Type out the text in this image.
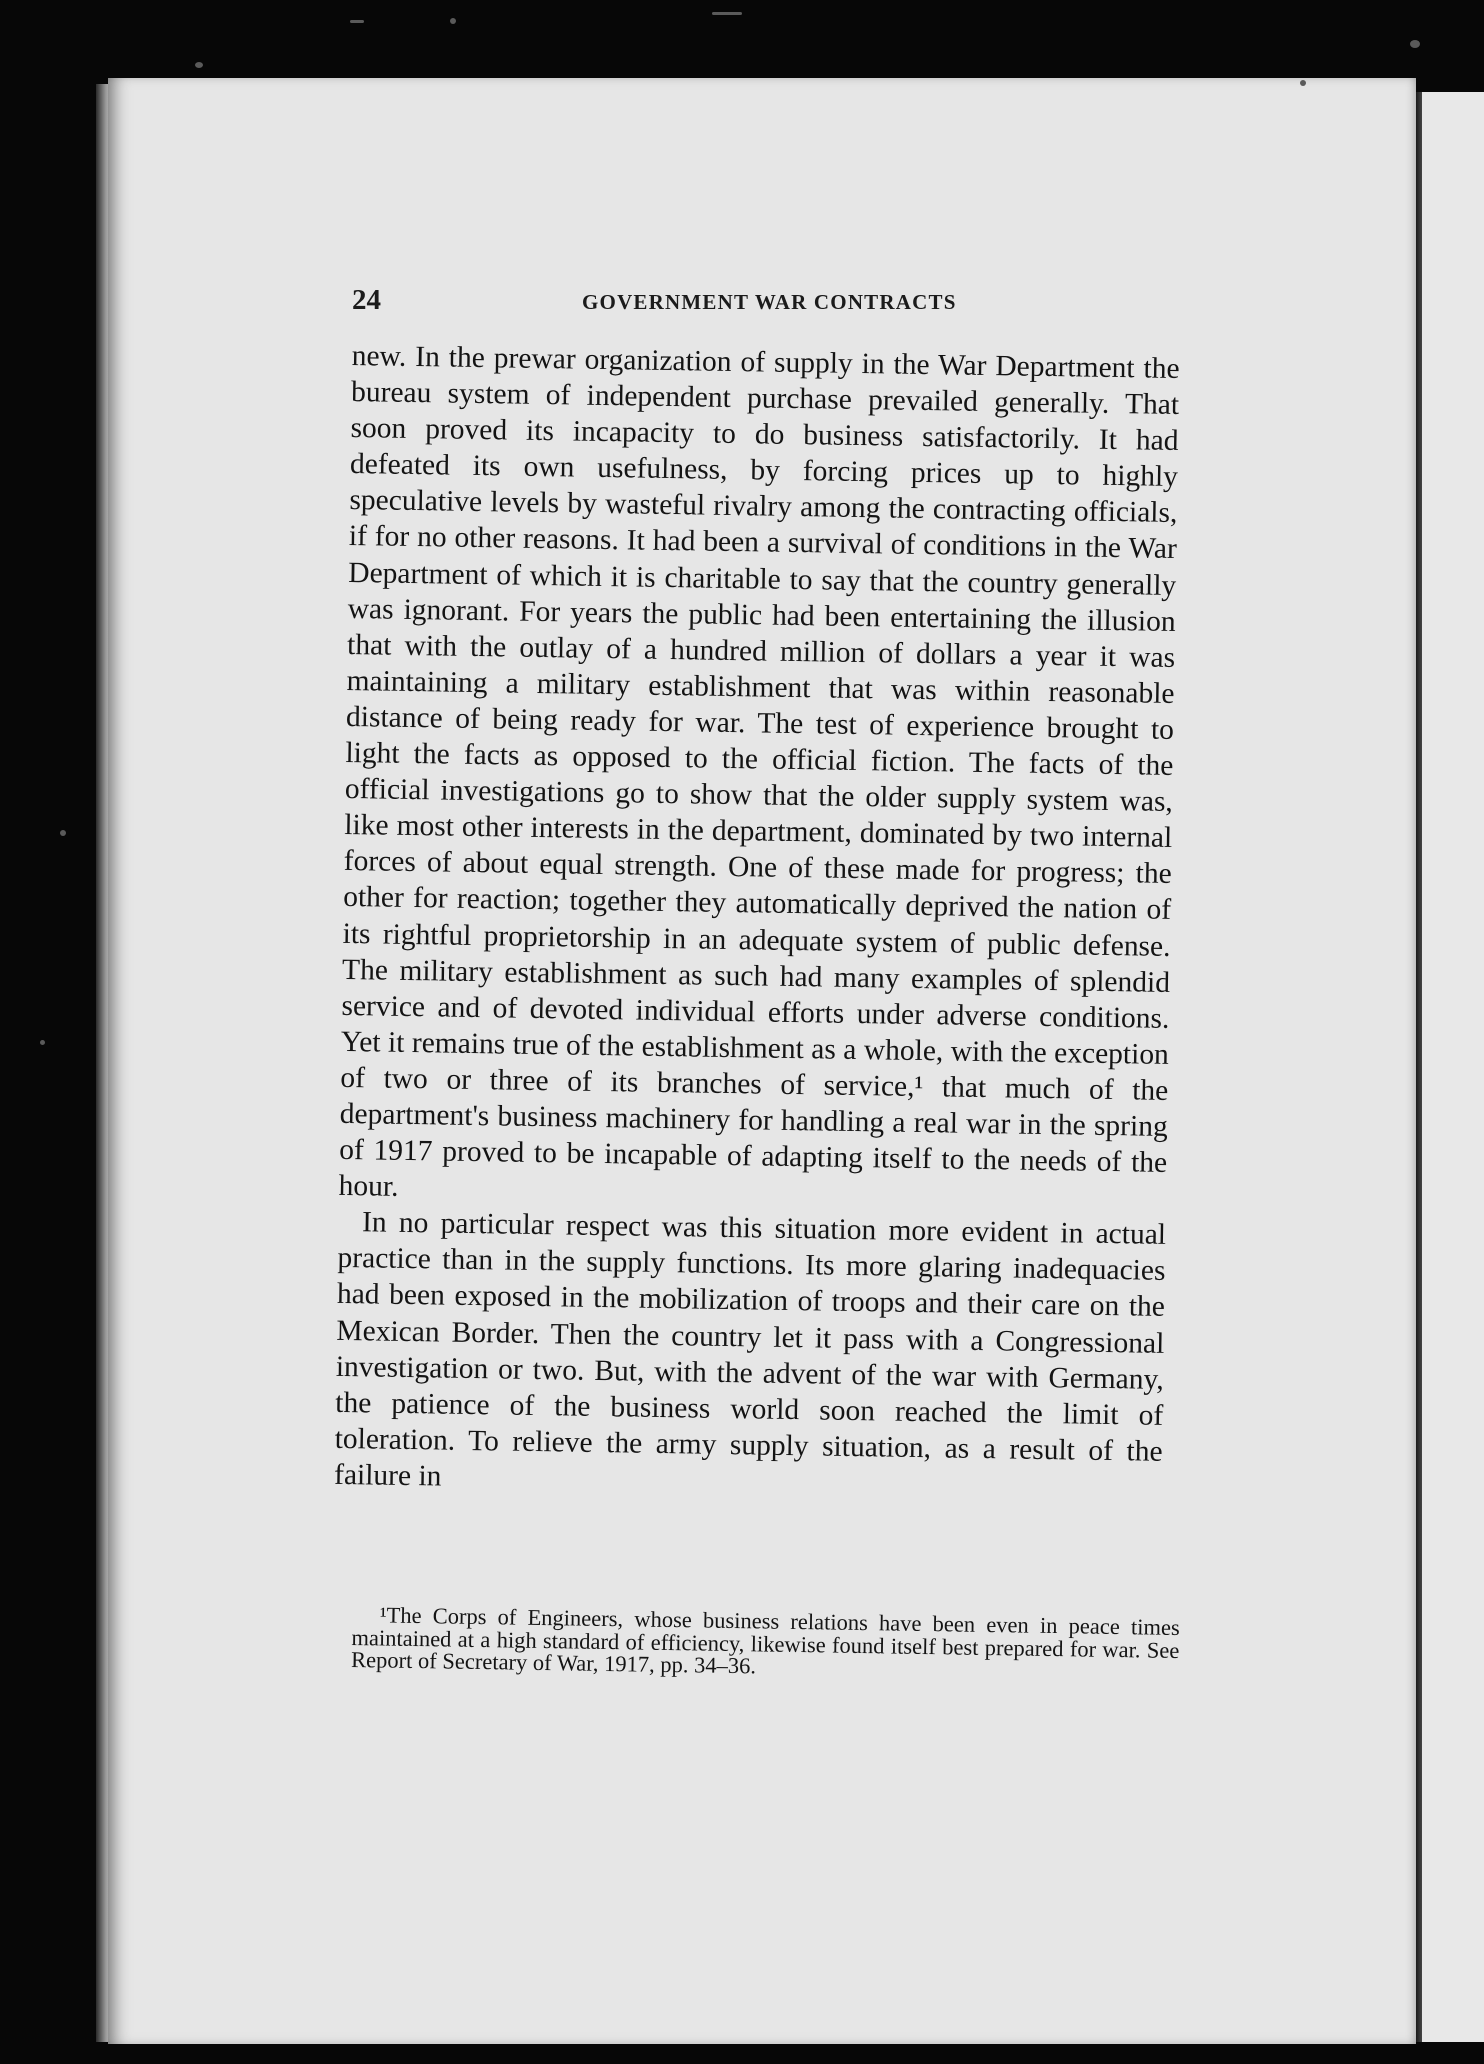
24	GOVERNMENT WAR CONTRACTS

new. In the prewar organization of supply in the War Department the bureau system of independent purchase prevailed generally. That soon proved its incapacity to do business satisfactorily. It had defeated its own usefulness, by forcing prices up to highly speculative levels by wasteful rivalry among the contracting officials, if for no other reasons. It had been a survival of conditions in the War Department of which it is charitable to say that the country generally was ignorant. For years the public had been entertaining the illusion that with the outlay of a hundred million of dollars a year it was maintaining a military establishment that was within reasonable distance of being ready for war. The test of experience brought to light the facts as opposed to the official fiction. The facts of the official investigations go to show that the older supply system was, like most other interests in the department, dominated by two internal forces of about equal strength. One of these made for progress; the other for reaction; together they automatically deprived the nation of its rightful proprietorship in an adequate system of public defense. The military establishment as such had many examples of splendid service and of devoted individual efforts under adverse conditions. Yet it remains true of the establishment as a whole, with the exception of two or three of its branches of service,¹ that much of the department's business machinery for handling a real war in the spring of 1917 proved to be incapable of adapting itself to the needs of the hour.

In no particular respect was this situation more evident in actual practice than in the supply functions. Its more glaring inadequacies had been exposed in the mobilization of troops and their care on the Mexican Border. Then the country let it pass with a Congressional investigation or two. But, with the advent of the war with Germany, the patience of the business world soon reached the limit of toleration. To relieve the army supply situation, as a result of the failure in

¹The Corps of Engineers, whose business relations have been even in peace times maintained at a high standard of efficiency, likewise found itself best prepared for war. See Report of Secretary of War, 1917, pp. 34–36.
